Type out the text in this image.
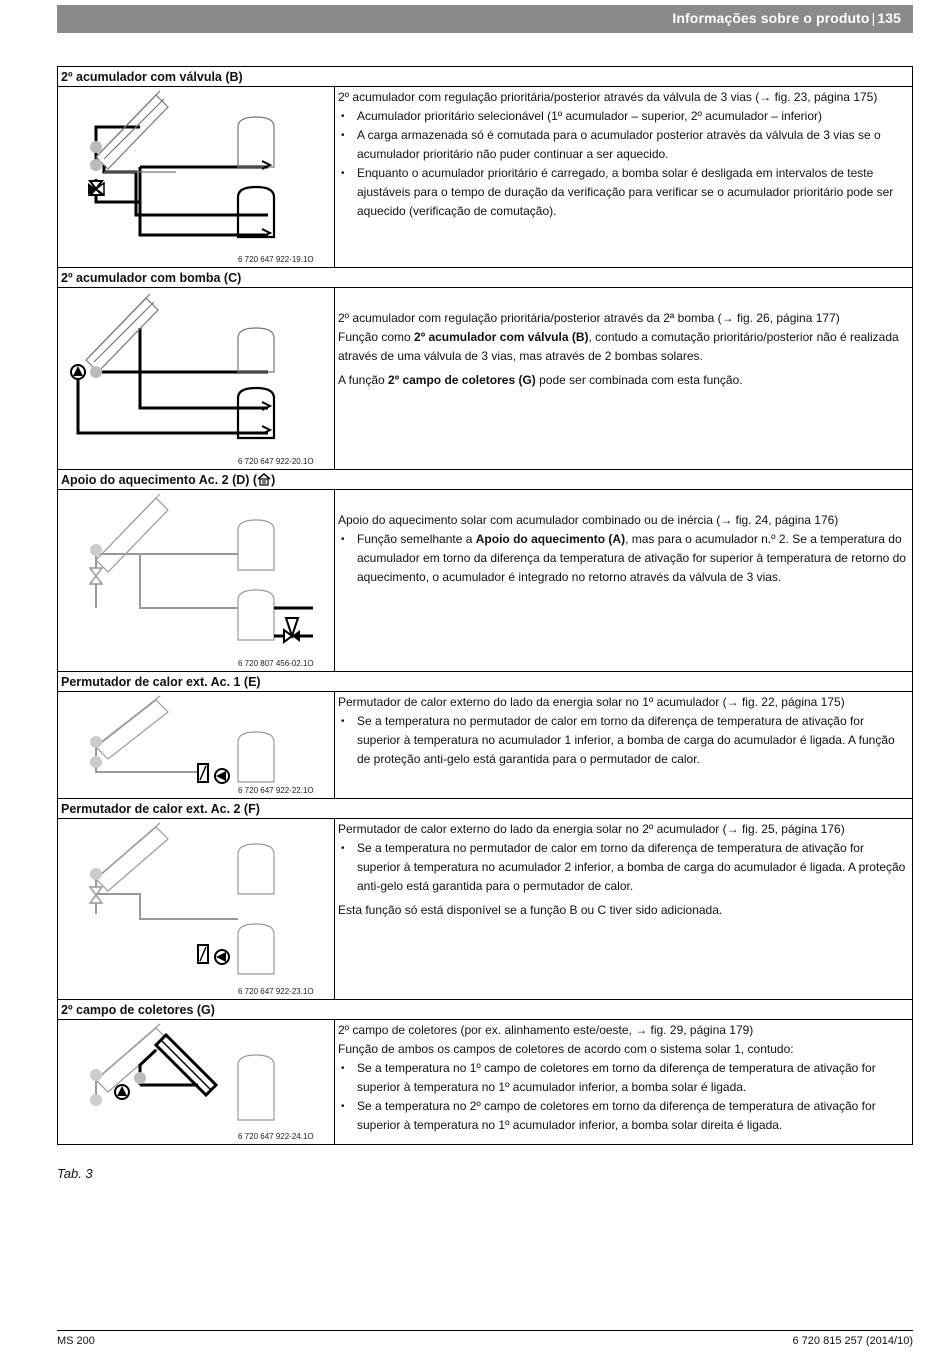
Informações sobre o produto | 135
2º acumulador com válvula (B)
6 720 647 922-19.1O

2º acumulador com regulação prioritária/posterior através da válvula de 3 vias (→ fig. 23, página 175)

• Acumulador prioritário selecionável (1º acumulador – superior, 2º acumulador – inferior)
• A carga armazenada só é comutada para o acumulador posterior através da válvula de 3 vias se o acumulador prioritário não puder continuar a ser aquecido.
• Enquanto o acumulador prioritário é carregado, a bomba solar é desligada em intervalos de teste ajustáveis para o tempo de duração da verificação para verificar se o acumulador prioritário pode ser aquecido (verificação de comutação).
2º acumulador com bomba (C)
6 720 647 922-20.1O

2º acumulador com regulação prioritária/posterior através da 2ª bomba (→ fig. 26, página 177)

Função como 2º acumulador com válvula (B), contudo a comutação prioritário/posterior não é realizada através de uma válvula de 3 vias, mas através de 2 bombas solares.

A função 2º campo de coletores (G) pode ser combinada com esta função.

Apoio do aquecimento Ac. 2 (D) ( )
6 720 807 456-02.1O

Apoio do aquecimento solar com acumulador combinado ou de inércia (→ fig. 24, página 176)

• Função semelhante a Apoio do aquecimento (A), mas para o acumulador n.º 2. Se a temperatura do acumulador em torno da diferença da temperatura de ativação for superior à temperatura de retorno do aquecimento, o acumulador é integrado no retorno através da válvula de 3 vias.
Permutador de calor ext. Ac. 1 (E)
6 720 647 922-22.1O

Permutador de calor externo do lado da energia solar no 1º acumulador (→ fig. 22, página 175)

• Se a temperatura no permutador de calor em torno da diferença de temperatura de ativação for superior à temperatura no acumulador 1 inferior, a bomba de carga do acumulador é ligada. A função de proteção anti-gelo está garantida para o permutador de calor.
Permutador de calor ext. Ac. 2 (F)
6 720 647 922-23.1O

Permutador de calor externo do lado da energia solar no 2º acumulador (→ fig. 25, página 176)

• Se a temperatura no permutador de calor em torno da diferença de temperatura de ativação for superior à temperatura no acumulador 2 inferior, a bomba de carga do acumulador é ligada. A proteção anti-gelo está garantida para o permutador de calor.

Esta função só está disponível se a função B ou C tiver sido adicionada.

2º campo de coletores (G)
6 720 647 922-24.1O

2º campo de coletores (por ex. alinhamento este/oeste, → fig. 29, página 179)

Função de ambos os campos de coletores de acordo com o sistema solar 1, contudo:

• Se a temperatura no 1º campo de coletores em torno da diferença de temperatura de ativação for superior à temperatura no 1º acumulador inferior, a bomba solar é ligada.
• Se a temperatura no 2º campo de coletores em torno da diferença de temperatura de ativação for superior à temperatura no 1º acumulador inferior, a bomba solar direita é ligada.
Tab. 3
MS 200	6 720 815 257 (2014/10)
